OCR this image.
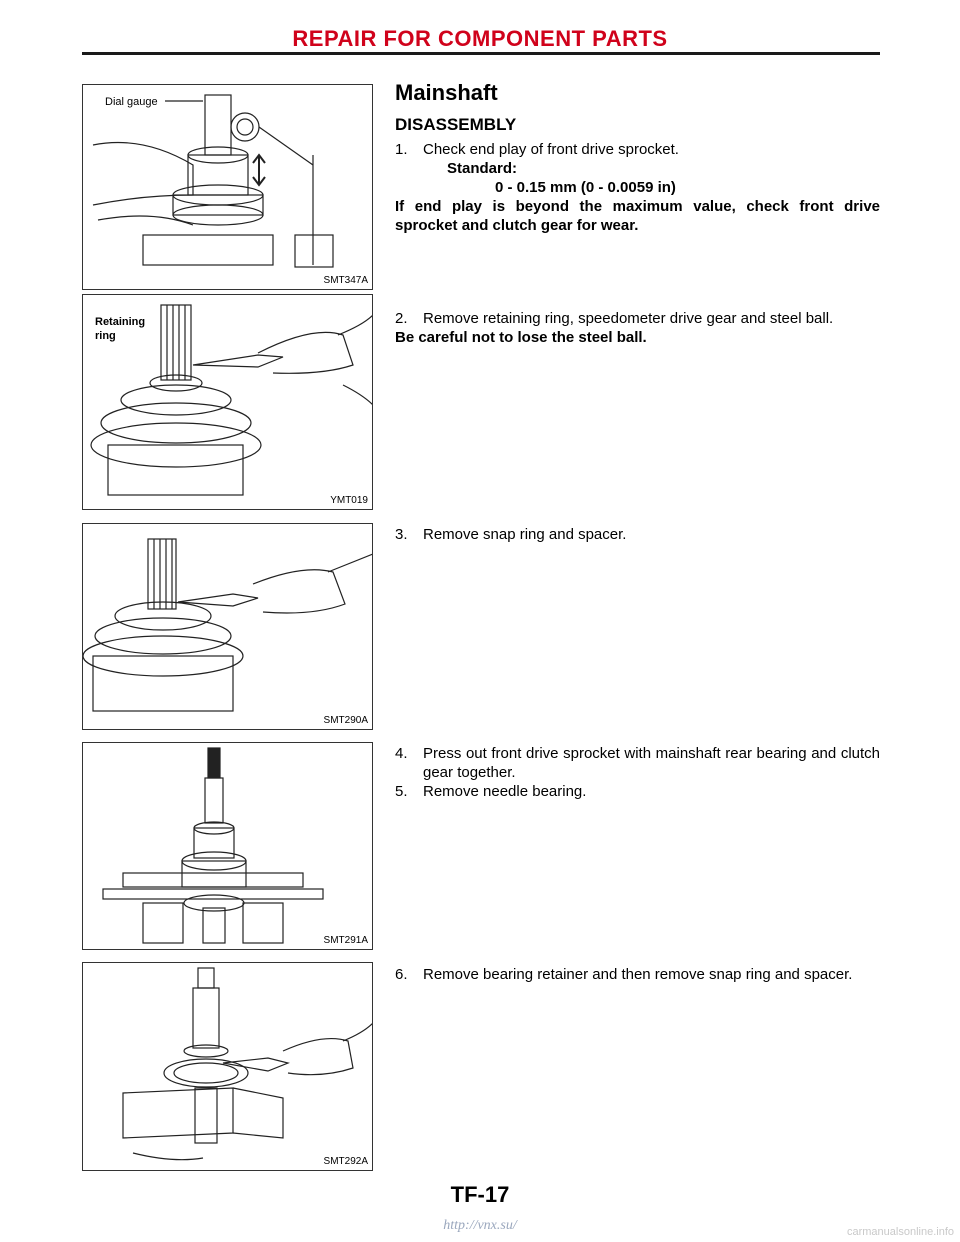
REPAIR FOR COMPONENT PARTS
Dial gauge
SMT347A
Retaining
ring
YMT019
SMT290A
SMT291A
SMT292A
Mainshaft
DISASSEMBLY
1. Check end play of front drive sprocket.
Standard:
0 - 0.15 mm (0 - 0.0059 in)
If end play is beyond the maximum value, check front drive sprocket and clutch gear for wear.
2. Remove retaining ring, speedometer drive gear and steel ball.
Be careful not to lose the steel ball.
3. Remove snap ring and spacer.
4.	Press out front drive sprocket with mainshaft rear bearing and clutch gear together.
5. Remove needle bearing.
6.	Remove bearing retainer and then remove snap ring and spacer.
TF-17
http://vnx.su/	carmanualsonline.info
